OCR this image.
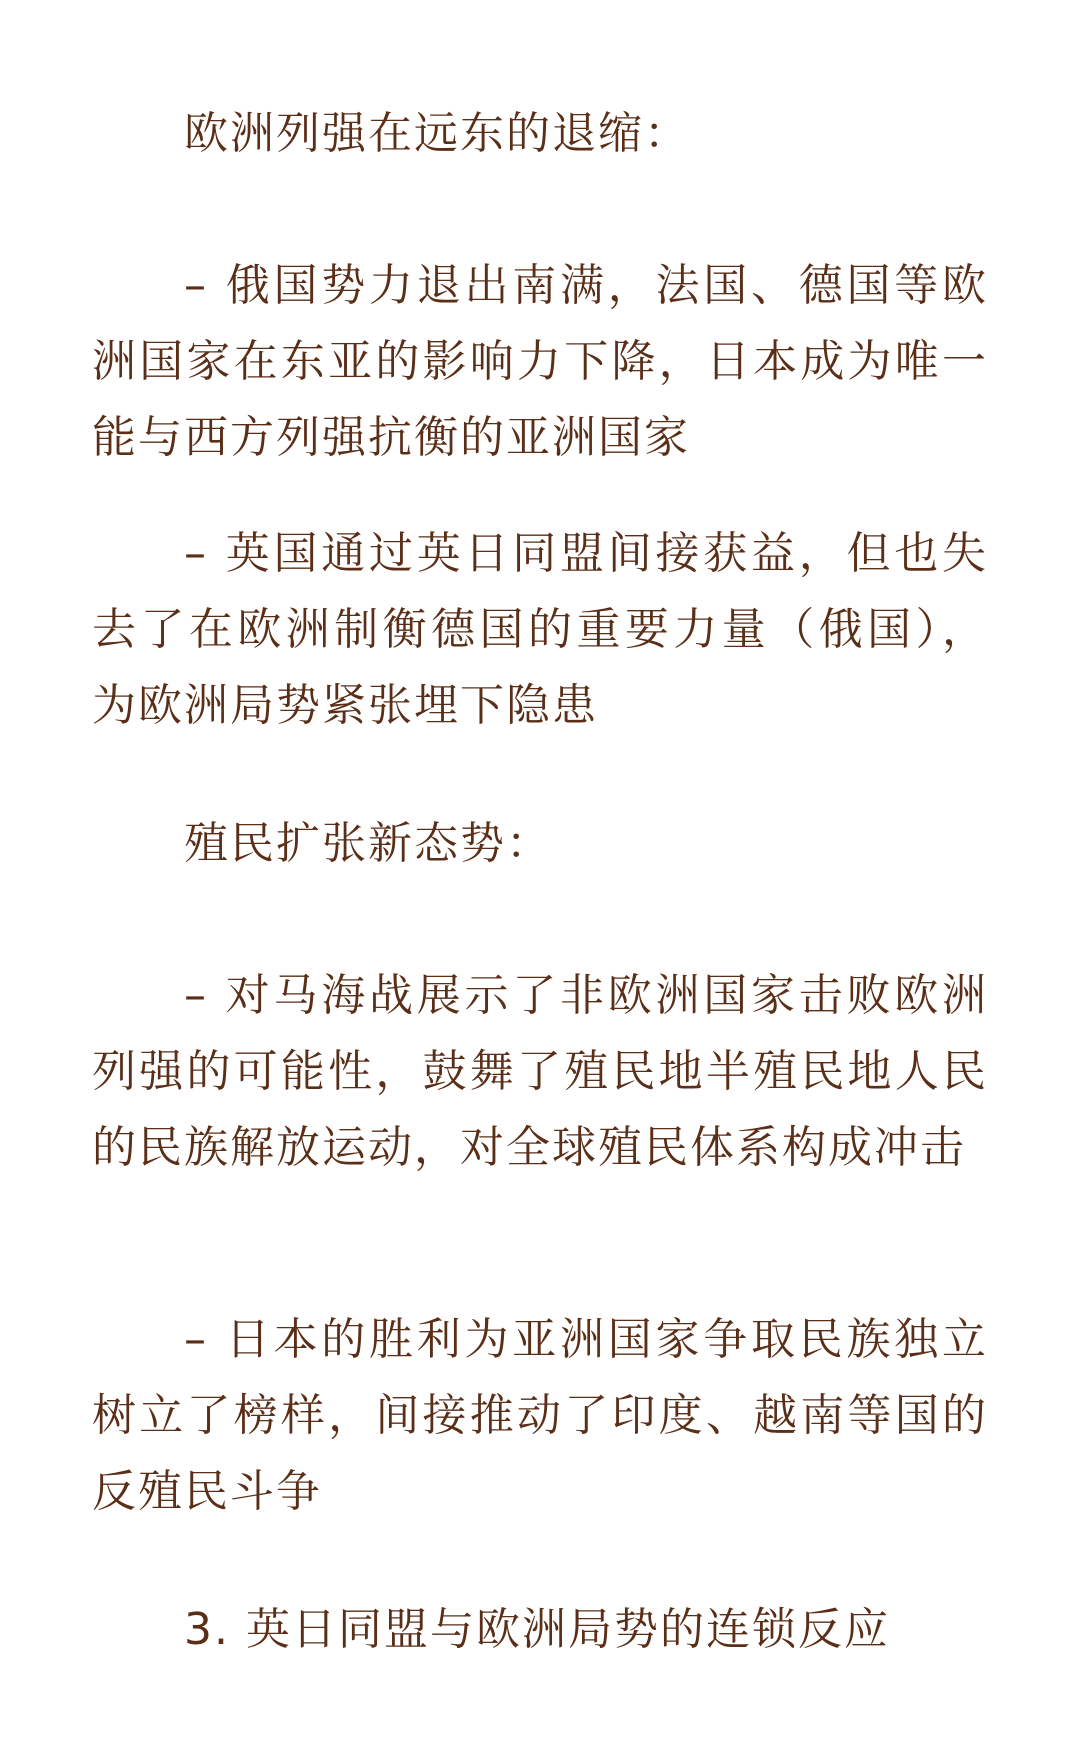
欧洲列强在远东的退缩：

– 俄国势力退出南满，法国、德国等欧洲国家在东亚的影响力下降，日本成为唯一能与西方列强抗衡的亚洲国家

– 英国通过英日同盟间接获益，但也失去了在欧洲制衡德国的重要力量（俄国），为欧洲局势紧张埋下隐患

殖民扩张新态势：

– 对马海战展示了非欧洲国家击败欧洲列强的可能性，鼓舞了殖民地半殖民地人民的民族解放运动，对全球殖民体系构成冲击

– 日本的胜利为亚洲国家争取民族独立树立了榜样，间接推动了印度、越南等国的反殖民斗争

3. 英日同盟与欧洲局势的连锁反应
